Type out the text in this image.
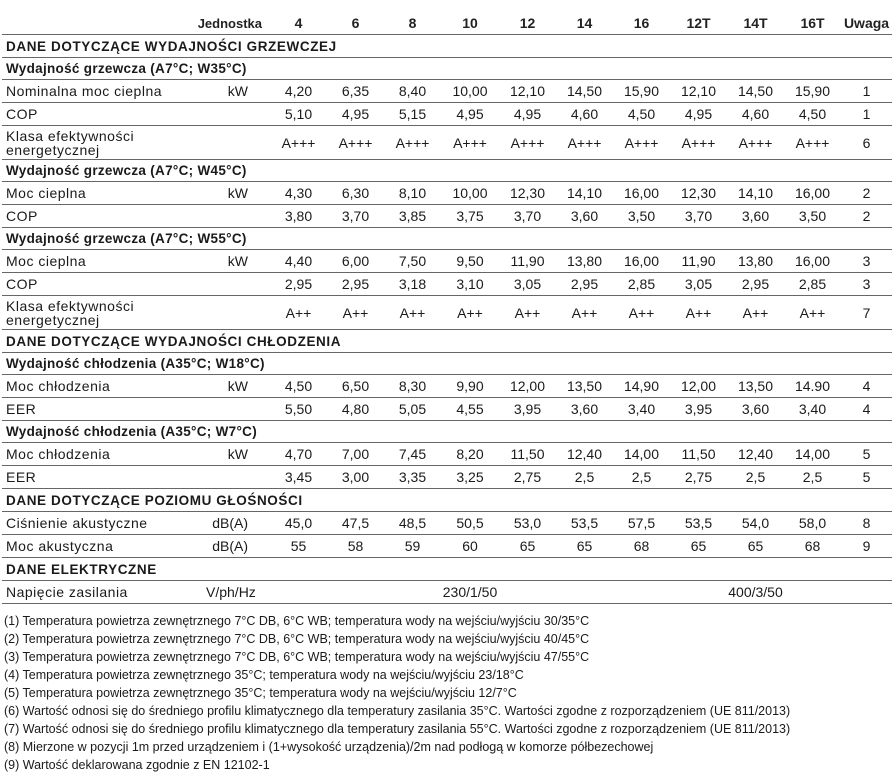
	Jednostka	4	6	8	10	12	14	16	12T	14T	16T	Uwaga
DANE DOTYCZĄCE WYDAJNOŚCI GRZEWCZEJ												
Wydajność grzewcza (A7°C; W35°C)												
Nominalna moc cieplna	kW	4,20	6,35	8,40	10,00	12,10	14,50	15,90	12,10	14,50	15,90	1
COP		5,10	4,95	5,15	4,95	4,95	4,60	4,50	4,95	4,60	4,50	1
Klasa efektywności energetycznej		A+++	A+++	A+++	A+++	A+++	A+++	A+++	A+++	A+++	A+++	6
Wydajność grzewcza (A7°C; W45°C)												
Moc cieplna	kW	4,30	6,30	8,10	10,00	12,30	14,10	16,00	12,30	14,10	16,00	2
COP		3,80	3,70	3,85	3,75	3,70	3,60	3,50	3,70	3,60	3,50	2
Wydajność grzewcza (A7°C; W55°C)												
Moc cieplna	kW	4,40	6,00	7,50	9,50	11,90	13,80	16,00	11,90	13,80	16,00	3
COP		2,95	2,95	3,18	3,10	3,05	2,95	2,85	3,05	2,95	2,85	3
Klasa efektywności energetycznej		A++	A++	A++	A++	A++	A++	A++	A++	A++	A++	7
DANE DOTYCZĄCE WYDAJNOŚCI CHŁODZENIA												
Wydajność chłodzenia (A35°C; W18°C)												
Moc chłodzenia	kW	4,50	6,50	8,30	9,90	12,00	13,50	14,90	12,00	13,50	14.90	4
EER		5,50	4,80	5,05	4,55	3,95	3,60	3,40	3,95	3,60	3,40	4
Wydajność chłodzenia (A35°C; W7°C)												
Moc chłodzenia	kW	4,70	7,00	7,45	8,20	11,50	12,40	14,00	11,50	12,40	14,00	5
EER		3,45	3,00	3,35	3,25	2,75	2,5	2,5	2,75	2,5	2,5	5
DANE DOTYCZĄCE POZIOMU GŁOŚNOŚCI												
Ciśnienie akustyczne	dB(A)	45,0	47,5	48,5	50,5	53,0	53,5	57,5	53,5	54,0	58,0	8
Moc akustyczna	dB(A)	55	58	59	60	65	65	68	65	65	68	9
DANE ELEKTRYCZNE												
Napięcie zasilania	V/ph/Hz	230/1/50							400/3/50			
(1) Temperatura powietrza zewnętrznego 7°C DB, 6°C WB; temperatura wody na wejściu/wyjściu 30/35°C
(2) Temperatura powietrza zewnętrznego 7°C DB, 6°C WB; temperatura wody na wejściu/wyjściu 40/45°C
(3) Temperatura powietrza zewnętrznego 7°C DB, 6°C WB; temperatura wody na wejściu/wyjściu 47/55°C
(4) Temperatura powietrza zewnętrznego 35°C; temperatura wody na wejściu/wyjściu 23/18°C
(5) Temperatura powietrza zewnętrznego 35°C; temperatura wody na wejściu/wyjściu 12/7°C
(6) Wartość odnosi się do średniego profilu klimatycznego dla temperatury zasilania 35°C. Wartości zgodne z rozporządzeniem (UE 811/2013)
(7) Wartość odnosi się do średniego profilu klimatycznego dla temperatury zasilania 55°C. Wartości zgodne z rozporządzeniem (UE 811/2013)
(8) Mierzone w pozycji 1m przed urządzeniem i (1+wysokość urządzenia)/2m nad podłogą w komorze półbezechowej
(9) Wartość deklarowana zgodnie z EN 12102-1
